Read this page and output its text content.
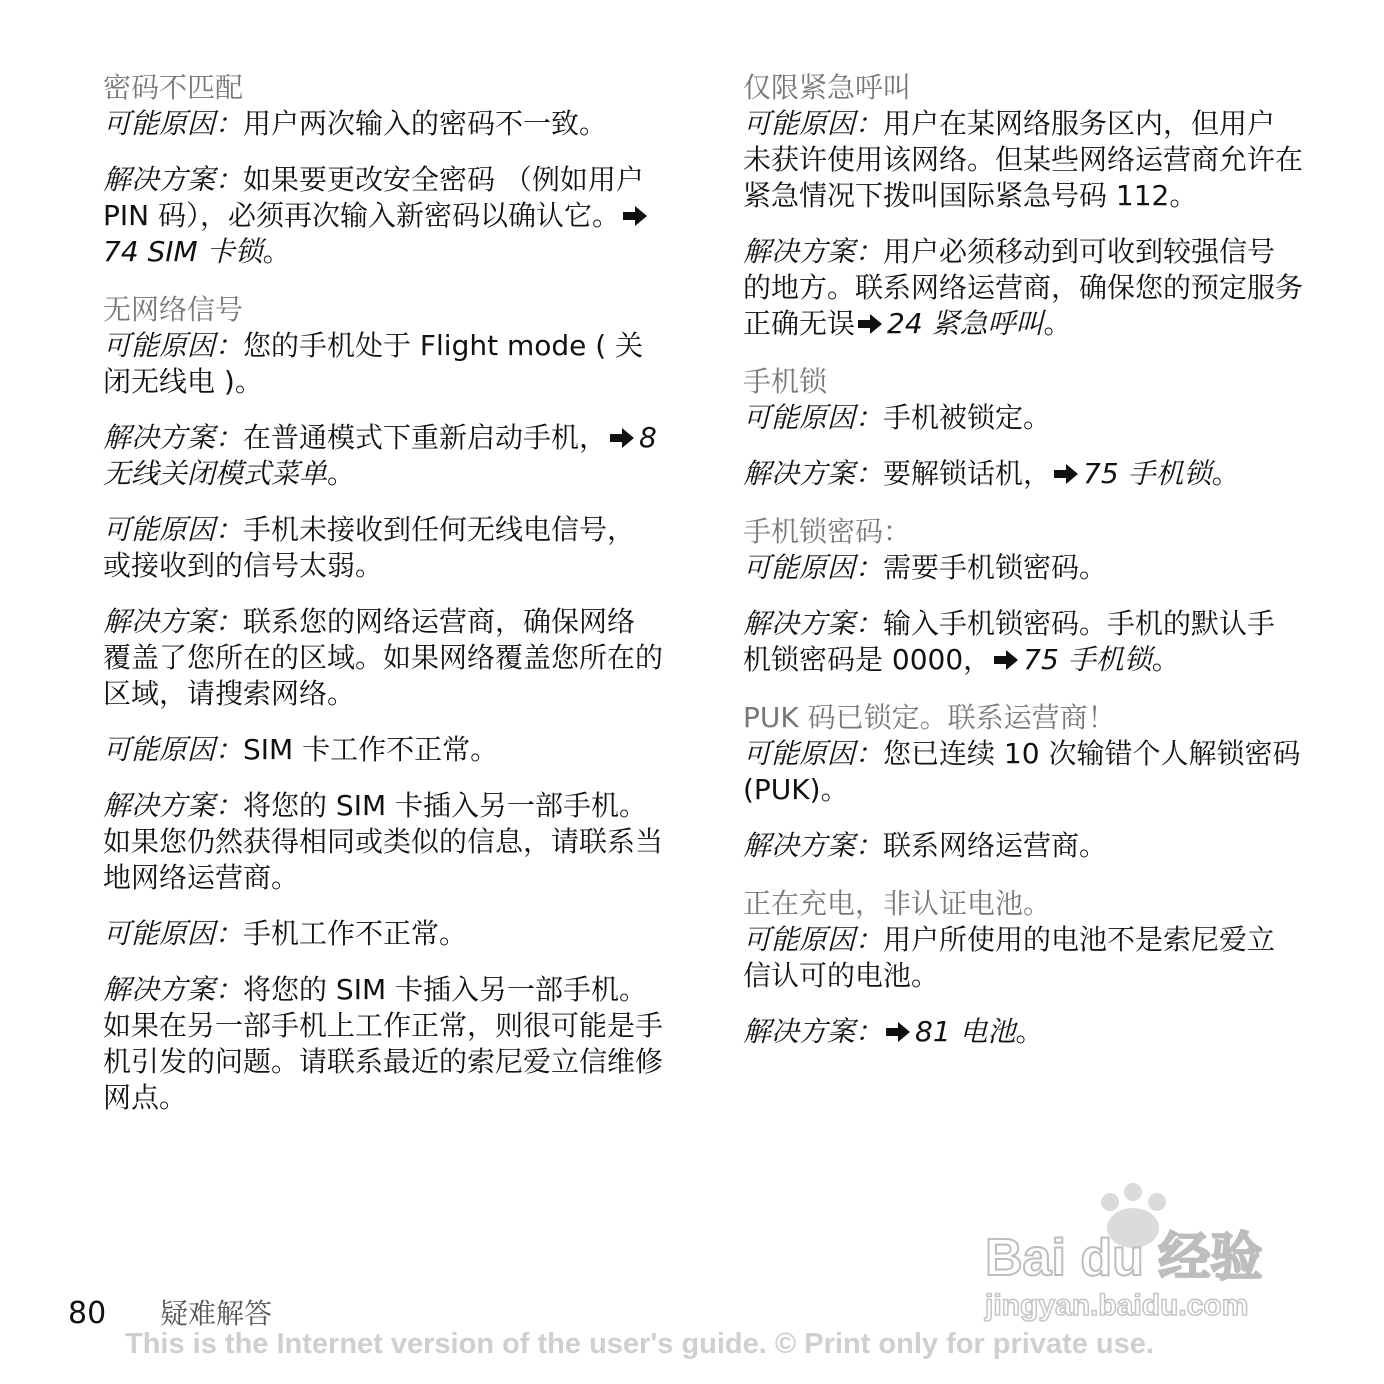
密码不匹配

可能原因：用户两次输入的密码不一致。

解决方案：如果要更改安全密码 （例如用户 PIN 码），必须再次输入新密码以确认它。74 SIM 卡锁。

无网络信号

可能原因：您的手机处于 Flight mode ( 关闭无线电 )。

解决方案：在普通模式下重新启动手机， 8 无线关闭模式菜单。

可能原因：手机未接收到任何无线电信号，或接收到的信号太弱。

解决方案：联系您的网络运营商，确保网络覆盖了您所在的区域。如果网络覆盖您所在的区域，请搜索网络。

可能原因：SIM 卡工作不正常。

解决方案：将您的 SIM 卡插入另一部手机。如果您仍然获得相同或类似的信息，请联系当地网络运营商。

可能原因：手机工作不正常。

解决方案：将您的 SIM 卡插入另一部手机。如果在另一部手机上工作正常，则很可能是手机引发的问题。请联系最近的索尼爱立信维修网点。

仅限紧急呼叫

可能原因：用户在某网络服务区内，但用户未获许使用该网络。但某些网络运营商允许在紧急情况下拨叫国际紧急号码 112。

解决方案：用户必须移动到可收到较强信号的地方。联系网络运营商，确保您的预定服务正确无误 24 紧急呼叫。

手机锁

可能原因：手机被锁定。

解决方案：要解锁话机， 75 手机锁。

手机锁密码：

可能原因：需要手机锁密码。

解决方案：输入手机锁密码。手机的默认手机锁密码是 0000， 75 手机锁。

PUK 码已锁定。联系运营商！

可能原因：您已连续 10 次输错个人解锁密码 (PUK)。

解决方案：联系网络运营商。

正在充电，非认证电池。

可能原因：用户所使用的电池不是索尼爱立信认可的电池。

解决方案： 81 电池。

80 疑难解答
This is the Internet version of the user's guide. © Print only for private use.
Bai du 经验
jingyan.baidu.com
